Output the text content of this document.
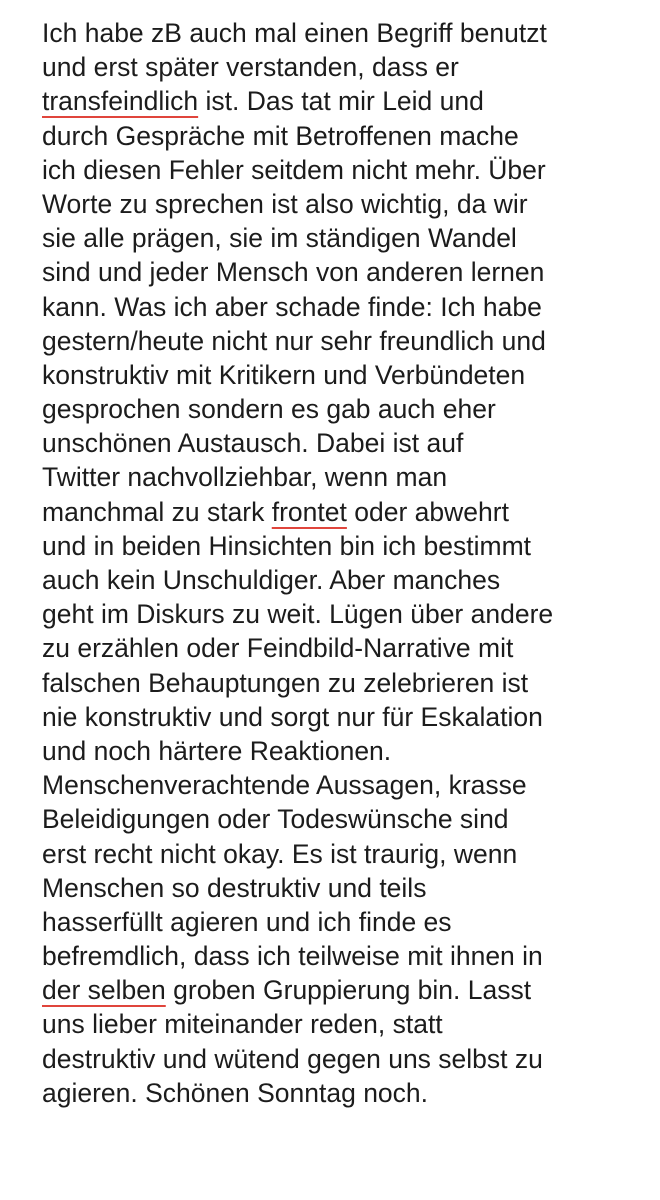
Ich habe zB auch mal einen Begriff benutzt
und erst später verstanden, dass er
transfeindlich ist. Das tat mir Leid und
durch Gespräche mit Betroffenen mache
ich diesen Fehler seitdem nicht mehr. Über
Worte zu sprechen ist also wichtig, da wir
sie alle prägen, sie im ständigen Wandel
sind und jeder Mensch von anderen lernen
kann. Was ich aber schade finde: Ich habe
gestern/heute nicht nur sehr freundlich und
konstruktiv mit Kritikern und Verbündeten
gesprochen sondern es gab auch eher
unschönen Austausch. Dabei ist auf
Twitter nachvollziehbar, wenn man
manchmal zu stark frontet oder abwehrt
und in beiden Hinsichten bin ich bestimmt
auch kein Unschuldiger. Aber manches
geht im Diskurs zu weit. Lügen über andere
zu erzählen oder Feindbild-Narrative mit
falschen Behauptungen zu zelebrieren ist
nie konstruktiv und sorgt nur für Eskalation
und noch härtere Reaktionen.
Menschenverachtende Aussagen, krasse
Beleidigungen oder Todeswünsche sind
erst recht nicht okay. Es ist traurig, wenn
Menschen so destruktiv und teils
hasserfüllt agieren und ich finde es
befremdlich, dass ich teilweise mit ihnen in
der selben groben Gruppierung bin. Lasst
uns lieber miteinander reden, statt
destruktiv und wütend gegen uns selbst zu
agieren. Schönen Sonntag noch.
